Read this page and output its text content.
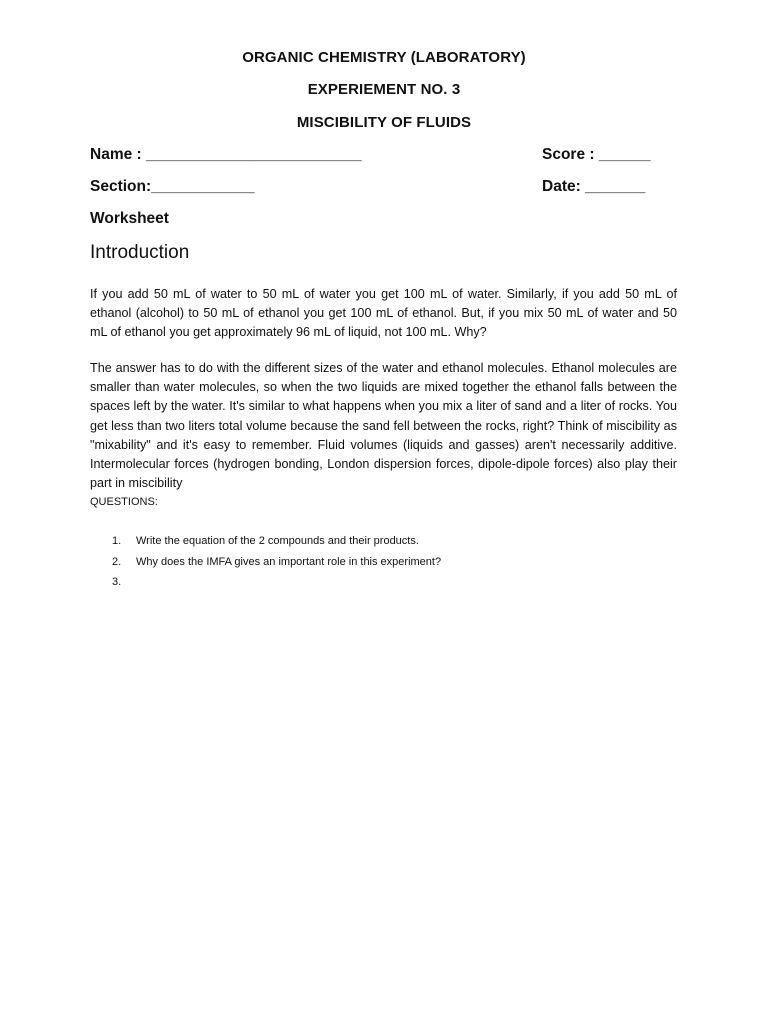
ORGANIC CHEMISTRY (LABORATORY)
EXPERIEMENT NO. 3
MISCIBILITY OF FLUIDS
Name : _________________________	Score : ______
Section:____________	Date: _______
Worksheet
Introduction

If you add 50 mL of water to 50 mL of water you get 100 mL of water. Similarly, if you add 50 mL of ethanol (alcohol) to 50 mL of ethanol you get 100 mL of ethanol. But, if you mix 50 mL of water and 50 mL of ethanol you get approximately 96 mL of liquid, not 100 mL. Why?

The answer has to do with the different sizes of the water and ethanol molecules. Ethanol molecules are smaller than water molecules, so when the two liquids are mixed together the ethanol falls between the spaces left by the water. It's similar to what happens when you mix a liter of sand and a liter of rocks. You get less than two liters total volume because the sand fell between the rocks, right? Think of miscibility as "mixability" and it's easy to remember. Fluid volumes (liquids and gasses) aren't necessarily additive. Intermolecular forces (hydrogen bonding, London dispersion forces, dipole-dipole forces) also play their part in miscibility

QUESTIONS:
1. Write the equation of the 2 compounds and their products.
2. Why does the IMFA gives an important role in this experiment?
3.
